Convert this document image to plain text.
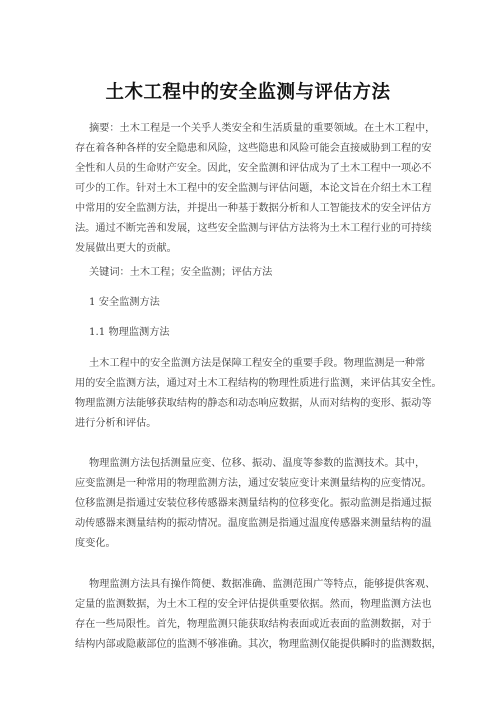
土木工程中的安全监测与评估方法
摘要：土木工程是一个关乎人类安全和生活质量的重要领域。在土木工程中，
存在着各种各样的安全隐患和风险，这些隐患和风险可能会直接威胁到工程的安
全性和人员的生命财产安全。因此，安全监测和评估成为了土木工程中一项必不
可少的工作。针对土木工程中的安全监测与评估问题，本论文旨在介绍土木工程
中常用的安全监测方法，并提出一种基于数据分析和人工智能技术的安全评估方
法。通过不断完善和发展，这些安全监测与评估方法将为土木工程行业的可持续
发展做出更大的贡献。
关键词：土木工程；安全监测；评估方法
1 安全监测方法
1.1 物理监测方法
土木工程中的安全监测方法是保障工程安全的重要手段。物理监测是一种常
用的安全监测方法，通过对土木工程结构的物理性质进行监测，来评估其安全性。
物理监测方法能够获取结构的静态和动态响应数据，从而对结构的变形、振动等
进行分析和评估。
物理监测方法包括测量应变、位移、振动、温度等参数的监测技术。其中，
应变监测是一种常用的物理监测方法，通过安装应变计来测量结构的应变情况。
位移监测是指通过安装位移传感器来测量结构的位移变化。振动监测是指通过振
动传感器来测量结构的振动情况。温度监测是指通过温度传感器来测量结构的温
度变化。
物理监测方法具有操作简便、数据准确、监测范围广等特点，能够提供客观、
定量的监测数据，为土木工程的安全评估提供重要依据。然而，物理监测方法也
存在一些局限性。首先，物理监测只能获取结构表面或近表面的监测数据，对于
结构内部或隐蔽部位的监测不够准确。其次，物理监测仅能提供瞬时的监测数据，
